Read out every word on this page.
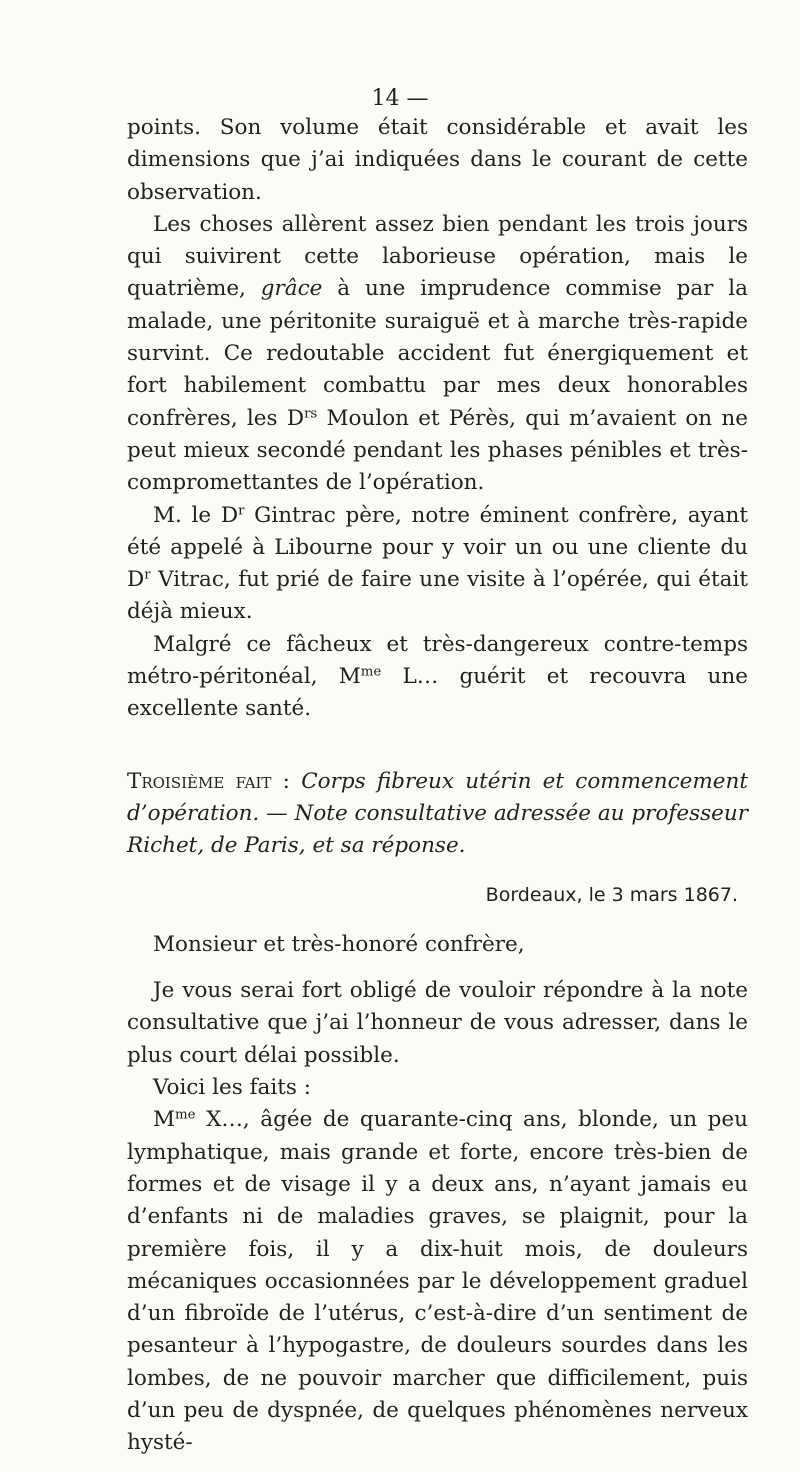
14 —

points. Son volume était considérable et avait les dimensions que j’ai indiquées dans le courant de cette observation.

Les choses allèrent assez bien pendant les trois jours qui suivirent cette laborieuse opération, mais le quatrième, grâce à une imprudence commise par la malade, une péritonite suraiguë et à marche très-rapide survint. Ce redoutable accident fut énergiquement et fort habilement combattu par mes deux honorables confrères, les $D^{rs}$ Moulon et Pérès, qui m’avaient on ne peut mieux secondé pendant les phases pénibles et très-compromettantes de l’opération.

M. le $D^r$ Gintrac père, notre éminent confrère, ayant été appelé à Libourne pour y voir un ou une cliente du $D^r$ Vitrac, fut prié de faire une visite à l’opérée, qui était déjà mieux.

Malgré ce fâcheux et très-dangereux contre-temps métro-péritonéal, $M^{me}$ L… guérit et recouvra une excellente santé.

Troisième fait : Corps fibreux utérin et commencement d’opération. — Note consultative adressée au professeur Richet, de Paris, et sa réponse.

Bordeaux, le 3 mars 1867.

Monsieur et très-honoré confrère,

Je vous serai fort obligé de vouloir répondre à la note consultative que j’ai l’honneur de vous adresser, dans le plus court délai possible.

Voici les faits :

$M^{me}$ X…, âgée de quarante-cinq ans, blonde, un peu lymphatique, mais grande et forte, encore très-bien de formes et de visage il y a deux ans, n’ayant jamais eu d’enfants ni de maladies graves, se plaignit, pour la première fois, il y a dix-huit mois, de douleurs mécaniques occasionnées par le développement graduel d’un fibroïde de l’utérus, c’est-à-dire d’un sentiment de pesanteur à l’hypogastre, de douleurs sourdes dans les lombes, de ne pouvoir marcher que difficilement, puis d’un peu de dyspnée, de quelques phénomènes nerveux hysté-
